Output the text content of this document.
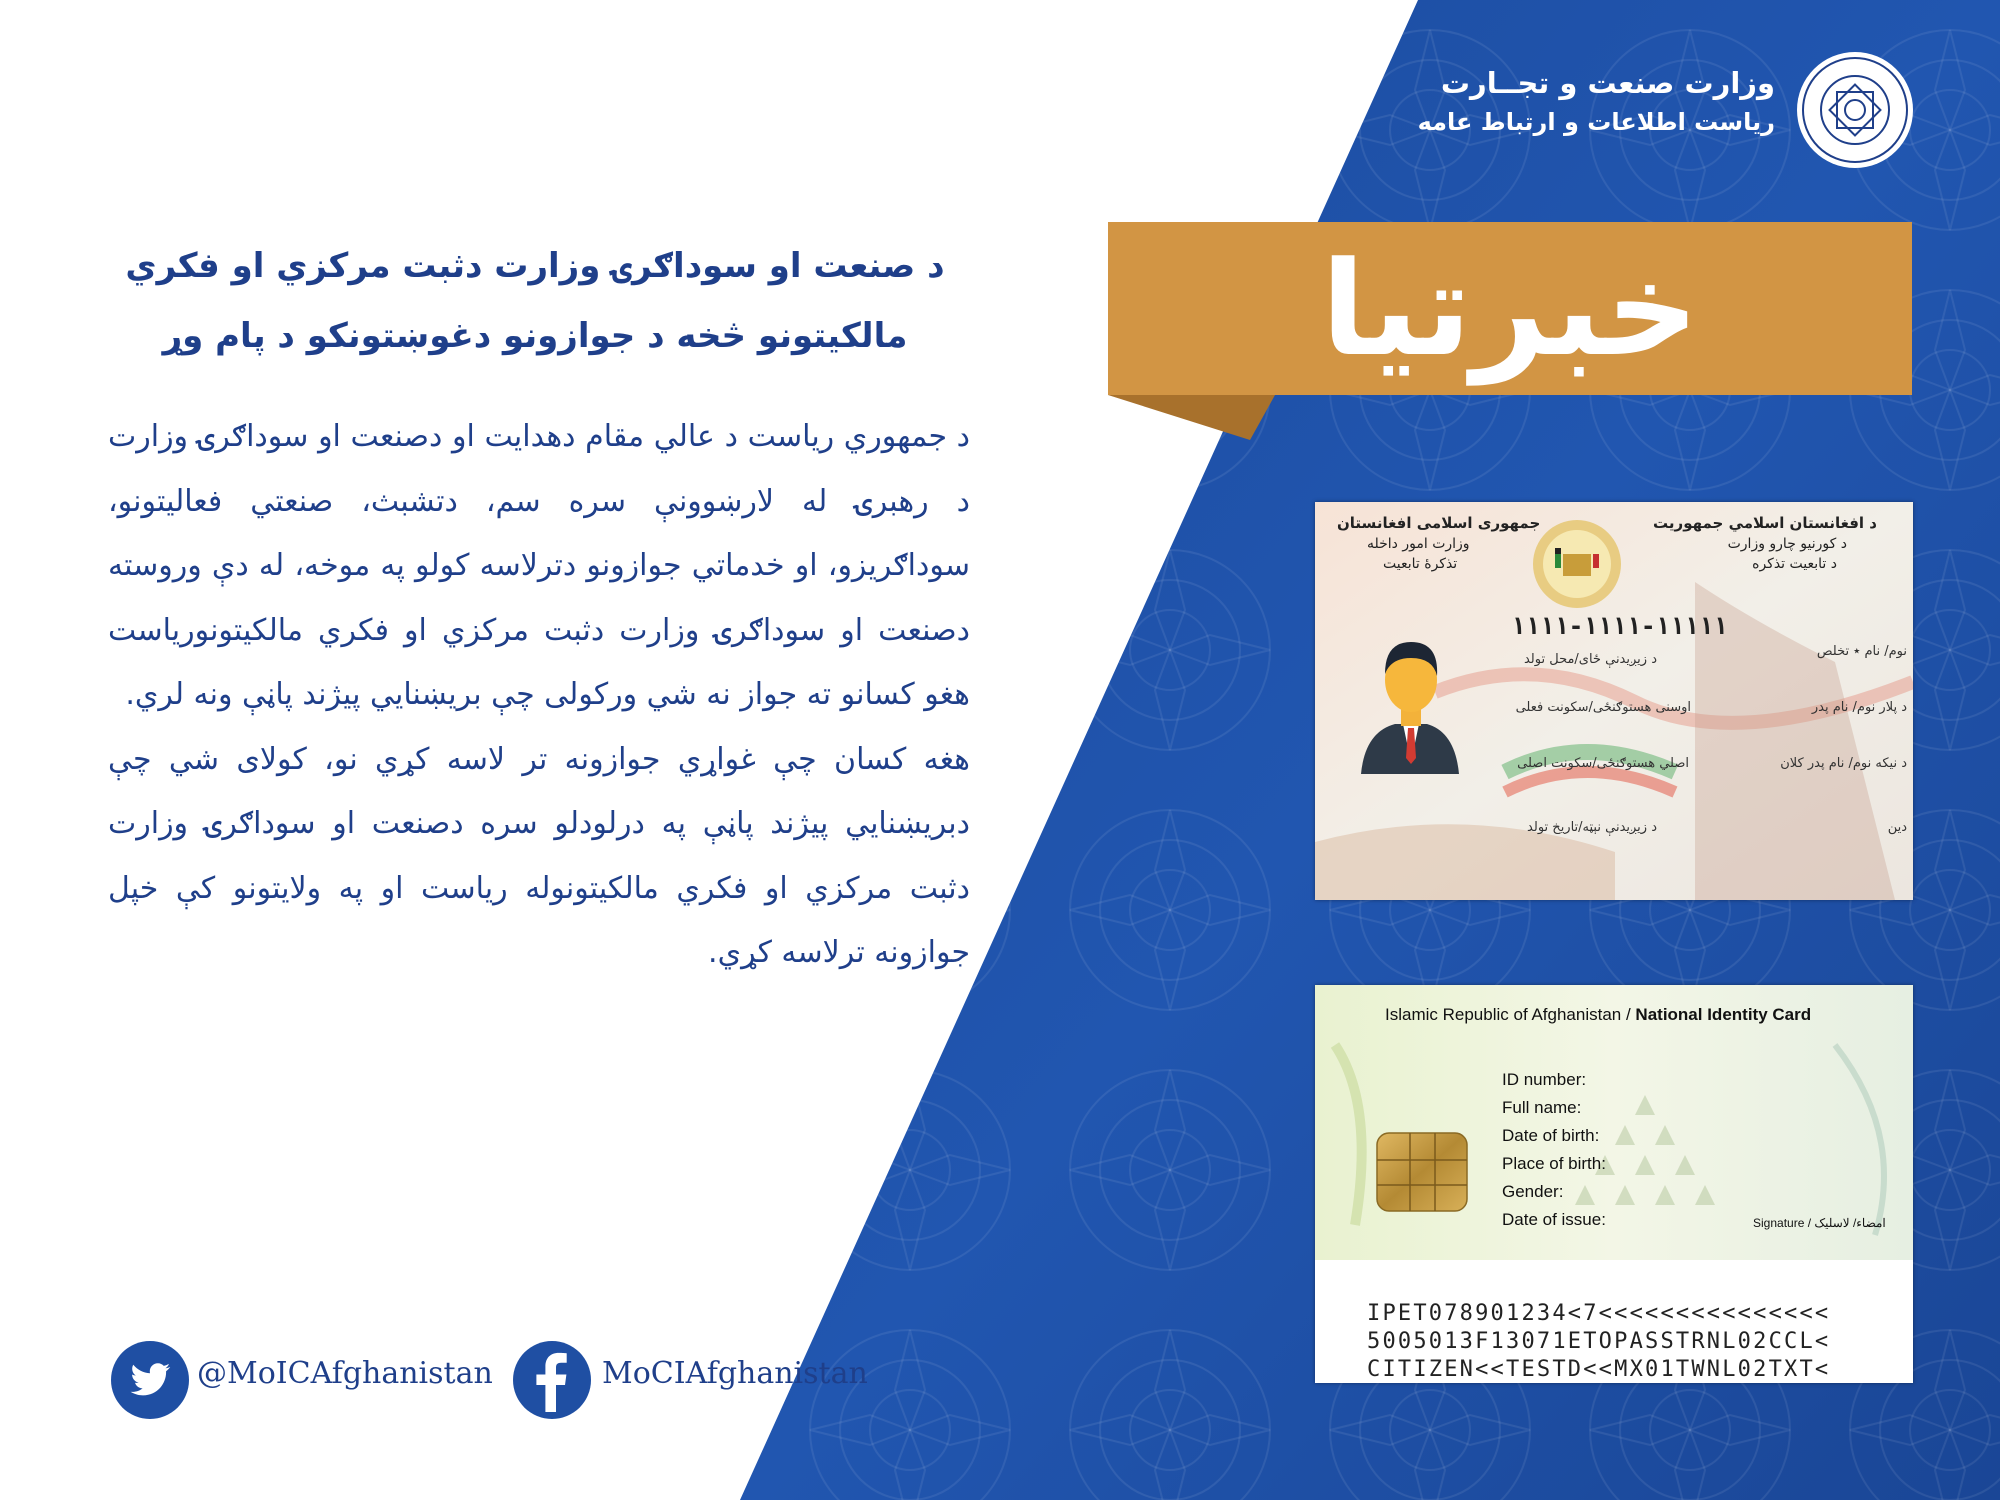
وزارت صنعت و تجــارت
ریاست اطلاعات و ارتباط عامه
خبرتیا
د صنعت او سوداګرۍ وزارت دثبت مرکزي او فکري
مالکیتونو څخه د جوازونو دغوښتونکو د پام وړ

د جمهوري رياست د عالي مقام دهدايت او دصنعت او سوداګرۍ وزارت د رهبرۍ له لارښوونې سره سم، دتشبث، صنعتي فعاليتونو، سوداګريزو، او خدماتي جوازونو دترلاسه کولو په موخه، له دې وروسته دصنعت او سوداګرۍ وزارت دثبت مرکزي او فکري مالکيتونورياست هغو کسانو ته جواز نه شي ورکولی چې بريښنايي پيژند پاڼې ونه لري.

هغه کسان چې غواړي جوازونه تر لاسه کړي نو، کولای شي چې دبريښنايي پيژند پاڼې په درلودلو سره دصنعت او سوداګرۍ وزارت دثبت مرکزي او فکري مالکيتونوله رياست او په ولايتونو کې خپل جوازونه ترلاسه کړي.

د افغانستان اسلامي جمهوريت
د کورنيو چارو وزارت
د تابعيت تذکره
جمهوری اسلامی افغانستان
وزارت امور داخله
تذکرهٔ تابعيت
۱۱۱۱-۱۱۱۱-۱۱۱۱۱
نوم/ نام ٭ تخلص
د زيږيدنې ځای/محل تولد
د پلار نوم/ نام پدر
اوسنی هستوګنځی/سکونت فعلی
د نيکه نوم/ نام پدر کلان
اصلي هستوګنځی/سکونت اصلی
دين
د زيږيدنې نېټه/تاريخ تولد
Islamic Republic of Afghanistan / National Identity Card
ID number:
Full name:
Date of birth:
Place of birth:
Gender:
Date of issue:	Signature / امضاء/ لاسليک
IPET078901234<7<<<<<<<<<<<<<<<
5005013F13071ETOPASSTRNL02CCL<
CITIZEN<<TESTD<<MX01TWNL02TXT<
@MoICAfghanistan	MoCIAfghanistan
